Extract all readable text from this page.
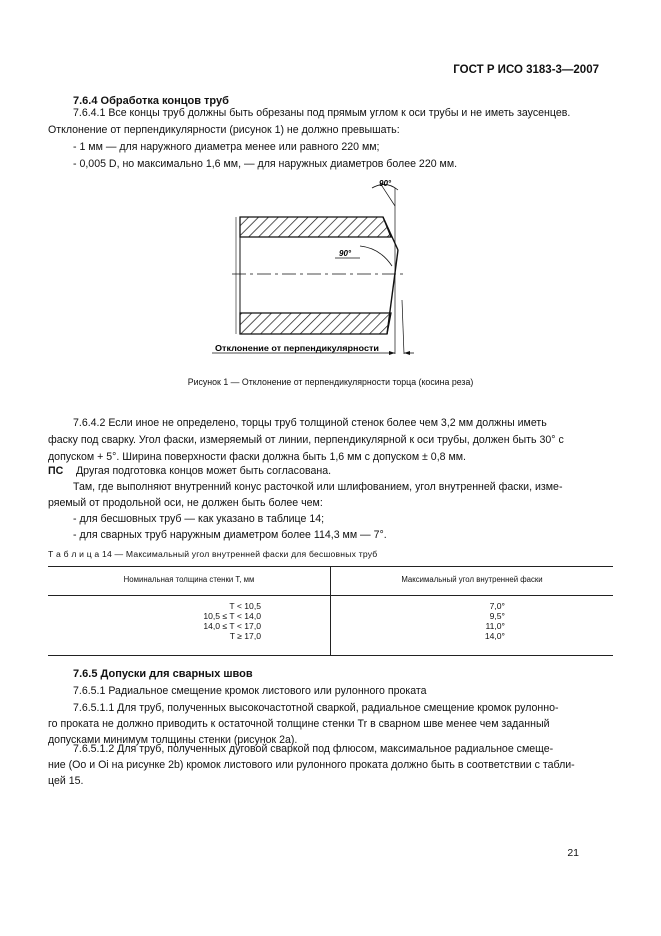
ГОСТ Р ИСО 3183-3—2007
7.6.4 Обработка концов труб
7.6.4.1 Все концы труб должны быть обрезаны под прямым углом к оси трубы и не иметь заусенцев.
Отклонение от перпендикулярности (рисунок 1) не должно превышать:
- 1 мм — для наружного диаметра менее или равного 220 мм;
- 0,005 D, но максимально 1,6 мм, — для наружных диаметров более 220 мм.
90°
90°
Отклонение от перпендикулярности
Рисунок 1 — Отклонение от перпендикулярности торца (косина реза)
7.6.4.2 Если иное не определено, торцы труб толщиной стенок более чем 3,2 мм должны иметь
фаску под сварку. Угол фаски, измеряемый от линии, перпендикулярной к оси трубы, должен быть 30° с
допуском + 5°. Ширина поверхности фаски должна быть 1,6 мм с допуском ± 0,8 мм.
ПС Другая подготовка концов может быть согласована.
Там, где выполняют внутренний конус расточкой или шлифованием, угол внутренней фаски, изме-
ряемый от продольной оси, не должен быть более чем:
- для бесшовных труб — как указано в таблице 14;
- для сварных труб наружным диаметром более 114,3 мм — 7°.
Т а б л и ц а 14 — Максимальный угол внутренней фаски для бесшовных труб
Номинальная толщина стенки T, мм	Максимальный угол внутренней фаски
T < 10,5	7,0°
10,5 ≤ T < 14,0	9,5°
14,0 ≤ T < 17,0	11,0°
T ≥ 17,0	14,0°
7.6.5 Допуски для сварных швов
7.6.5.1 Радиальное смещение кромок листового или рулонного проката
7.6.5.1.1 Для труб, полученных высокочастотной сваркой, радиальное смещение кромок рулонно-
го проката не должно приводить к остаточной толщине стенки Tr в сварном шве менее чем заданный
допусками минимум толщины стенки (рисунок 2а).
7.6.5.1.2 Для труб, полученных дуговой сваркой под флюсом, максимальное радиальное смеще-
ние (Oo и Oi на рисунке 2b) кромок листового или рулонного проката должно быть в соответствии с табли-
цей 15.
21
